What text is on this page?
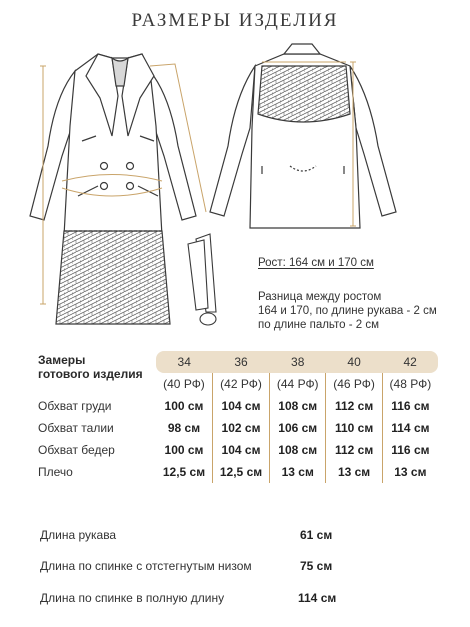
РАЗМЕРЫ ИЗДЕЛИЯ
Рост: 164 см и 170 см
Разница между ростом
164 и 170, по длине рукава - 2 см
по длине пальто - 2 см
Замеры
готового изделия	34	36	38	40	42
	(40 РФ)	(42 РФ)	(44 РФ)	(46 РФ)	(48 РФ)
Обхват груди	100 см	104 см	108 см	112 см	116 см
Обхват талии	98 см	102 см	106 см	110 см	114 см
Обхват бедер	100 см	104 см	108 см	112 см	116 см
Плечо	12,5 см	12,5 см	13 см	13 см	13 см
Длина рукава	61 см
Длина по спинке с отстегнутым низом	75 см
Длина по спинке в полную длину	114 см
